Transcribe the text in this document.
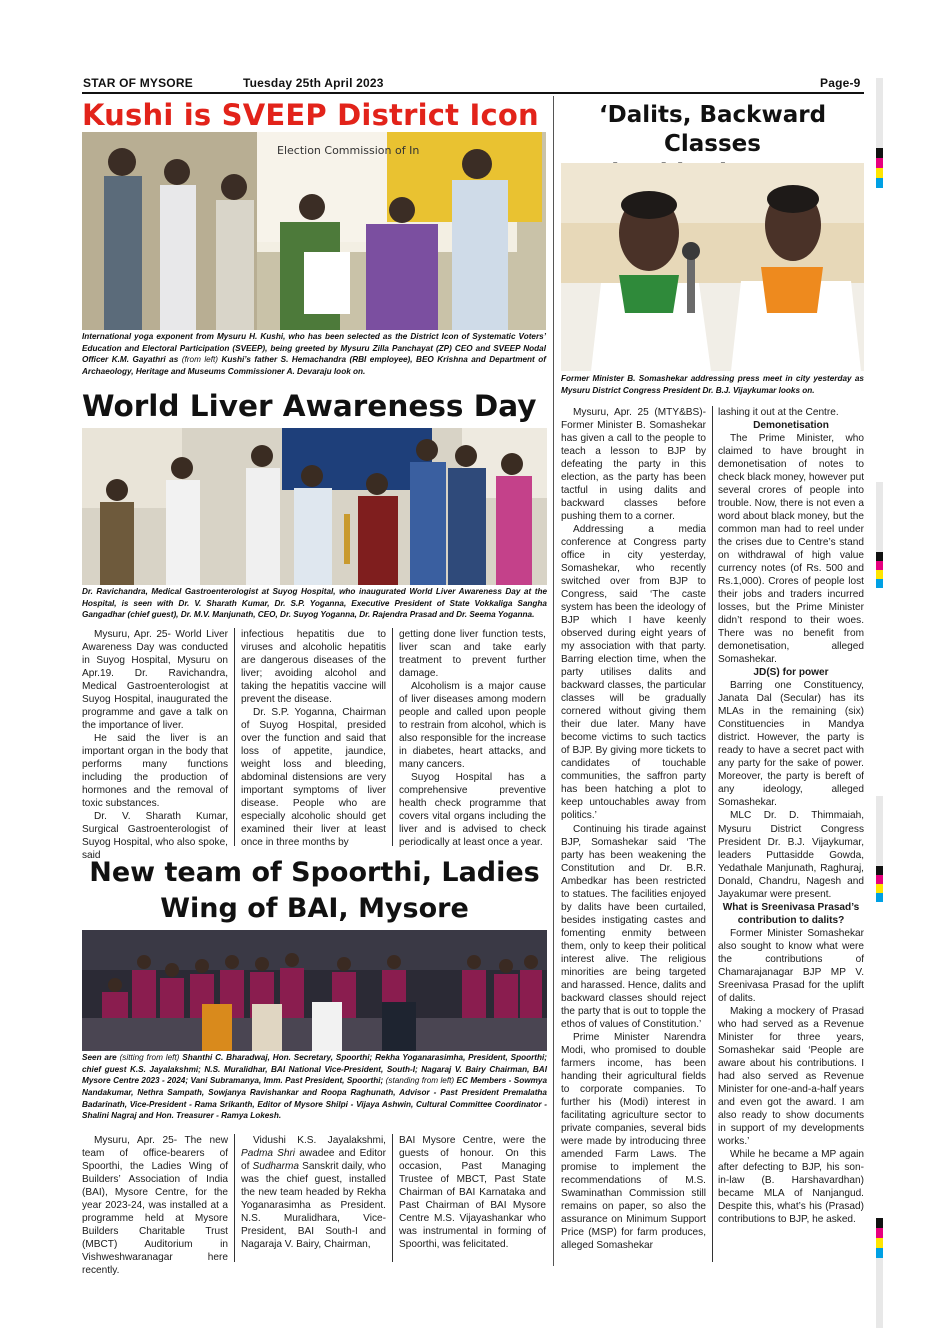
STAR OF MYSORE	Tuesday 25th April 2023	Page-9
Kushi is SVEEP District Icon
Election Commission of In
International yoga exponent from Mysuru H. Kushi, who has been selected as the District Icon of Systematic Voters’ Education and Electoral Participation (SVEEP), being greeted by Mysuru Zilla Panchayat (ZP) CEO and SVEEP Nodal Officer K.M. Gayathri as (from left) Kushi’s father S. Hemachandra (RBI employee), BEO Krishna and Department of Archaeology, Heritage and Museums Commissioner A. Devaraju look on.
World Liver Awareness Day
Dr. Ravichandra, Medical Gastroenterologist at Suyog Hospital, who inaugurated World Liver Awareness Day at the Hospital, is seen with Dr. V. Sharath Kumar, Dr. S.P. Yoganna, Executive President of State Vokkaliga Sangha Gangadhar (chief guest), Dr. M.V. Manjunath, CEO, Dr. Suyog Yoganna, Dr. Rajendra Prasad and Dr. Seema Yoganna.

Mysuru, Apr. 25- World Liver Awareness Day was conducted in Suyog Hospital, Mysuru on Apr.19. Dr. Ravichandra, Medical Gastroenterologist at Suyog Hospital, inaugurated the programme and gave a talk on the importance of liver.

He said the liver is an important organ in the body that performs many functions including the production of hormones and the removal of toxic substances.

Dr. V. Sharath Kumar, Surgical Gastroenterologist of Suyog Hospital, who also spoke, said

infectious hepatitis due to viruses and alcoholic hepatitis are dangerous diseases of the liver; avoiding alcohol and taking the hepatitis vaccine will prevent the disease.

Dr. S.P. Yoganna, Chairman of Suyog Hospital, presided over the function and said that loss of appetite, jaundice, weight loss and bleeding, abdominal distensions are very important symptoms of liver disease. People who are especially alcoholic should get examined their liver at least once in three months by

getting done liver function tests, liver scan and take early treatment to prevent further damage.

Alcoholism is a major cause of liver diseases among modern people and called upon people to restrain from alcohol, which is also responsible for the increase in diabetes, heart attacks, and many cancers.

Suyog Hospital has a comprehensive preventive health check programme that covers vital organs including the liver and is advised to check periodically at least once a year.

New team of Spoorthi, Ladies
Wing of BAI, Mysore
Seen are (sitting from left) Shanthi C. Bharadwaj, Hon. Secretary, Spoorthi; Rekha Yoganarasimha, President, Spoorthi; chief guest K.S. Jayalakshmi; N.S. Muralidhar, BAI National Vice-President, South-I; Nagaraj V. Bairy Chairman, BAI Mysore Centre 2023 - 2024; Vani Subramanya, Imm. Past President, Spoorthi; (standing from left) EC Members - Sowmya Nandakumar, Nethra Sampath, Sowjanya Ravishankar and Roopa Raghunath, Advisor - Past President Premalatha Badarinath, Vice-President - Rama Srikanth, Editor of Mysore Shilpi - Vijaya Ashwin, Cultural Committee Coordinator - Shalini Nagraj and Hon. Treasurer - Ramya Lokesh.

Mysuru, Apr. 25- The new team of office-bearers of Spoorthi, the Ladies Wing of Builders’ Association of India (BAI), Mysore Centre, for the year 2023-24, was installed at a programme held at Mysore Builders Charitable Trust (MBCT) Auditorium in Vishweshwaranagar here recently.

Vidushi K.S. Jayalakshmi, Padma Shri awadee and Editor of Sudharma Sanskrit daily, who was the chief guest, installed the new team headed by Rekha Yoganarasimha as President. N.S. Muralidhara, Vice-President, BAI South-I and Nagaraja V. Bairy, Chairman,

BAI Mysore Centre, were the guests of honour. On this occasion, Past Managing Trustee of MBCT, Past State Chairman of BAI Karnataka and Past Chairman of BAI Mysore Centre M.S. Vijayashankar who was instrumental in forming of Spoorthi, was felicitated.

‘Dalits, Backward Classes
Former Minister B. Somashekar addressing press meet in city yesterday as Mysuru District Congress President Dr. B.J. Vijaykumar looks on.

Mysuru, Apr. 25 (MTY&BS)- Former Minister B. Somashekar has given a call to the people to teach a lesson to BJP by defeating the party in this election, as the party has been tactful in using dalits and backward classes before pushing them to a corner.

Addressing a media conference at Congress party office in city yesterday, Somashekar, who recently switched over from BJP to Congress, said ‘The caste system has been the ideology of BJP which I have keenly observed during eight years of my association with that party. Barring election time, when the party utilises dalits and backward classes, the particular classes will be gradually cornered without giving them their due later. Many have become victims to such tactics of BJP. By giving more tickets to candidates of touchable communities, the saffron party has been hatching a plot to keep untouchables away from politics.’

Continuing his tirade against BJP, Somashekar said ‘The party has been weakening the Constitution and Dr. B.R. Ambedkar has been restricted to statues. The facilities enjoyed by dalits have been curtailed, besides instigating castes and fomenting enmity between them, only to keep their political interest alive. The religious minorities are being targeted and harassed. Hence, dalits and backward classes should reject the party that is out to topple the ethos of values of Constitution.’

Prime Minister Narendra Modi, who promised to double farmers income, has been handing their agricultural fields to corporate companies. To further his (Modi) interest in facilitating agriculture sector to private companies, several bids were made by introducing three amended Farm Laws. The promise to implement the recommendations of M.S. Swaminathan Commission still remains on paper, so also the assurance on Minimum Support Price (MSP) for farm produces, alleged Somashekar

lashing it out at the Centre.

Demonetisation

The Prime Minister, who claimed to have brought in demonetisation of notes to check black money, however put several crores of people into trouble. Now, there is not even a word about black money, but the common man had to reel under the crises due to Centre’s stand on withdrawal of high value currency notes (of Rs. 500 and Rs.1,000). Crores of people lost their jobs and traders incurred losses, but the Prime Minister didn’t respond to their woes. There was no benefit from demonetisation, alleged Somashekar.

JD(S) for power

Barring one Constituency, Janata Dal (Secular) has its MLAs in the remaining (six) Constituencies in Mandya district. However, the party is ready to have a secret pact with any party for the sake of power. Moreover, the party is bereft of any ideology, alleged Somashekar.

MLC Dr. D. Thimmaiah, Mysuru District Congress President Dr. B.J. Vijaykumar, leaders Puttasidde Gowda, Yedathale Manjunath, Raghuraj, Donald, Chandru, Nagesh and Jayakumar were present.

What is Sreenivasa Prasad’s contribution to dalits?

Former Minister Somashekar also sought to know what were the contributions of Chamarajanagar BJP MP V. Sreenivasa Prasad for the uplift of dalits.

Making a mockery of Prasad who had served as a Revenue Minister for three years, Somashekar said ‘People are aware about his contributions. I had also served as Revenue Minister for one-and-a-half years and even got the award. I am also ready to show documents in support of my developments works.’

While he became a MP again after defecting to BJP, his son-in-law (B. Harshavardhan) became MLA of Nanjangud. Despite this, what’s his (Prasad) contributions to BJP, he asked.
